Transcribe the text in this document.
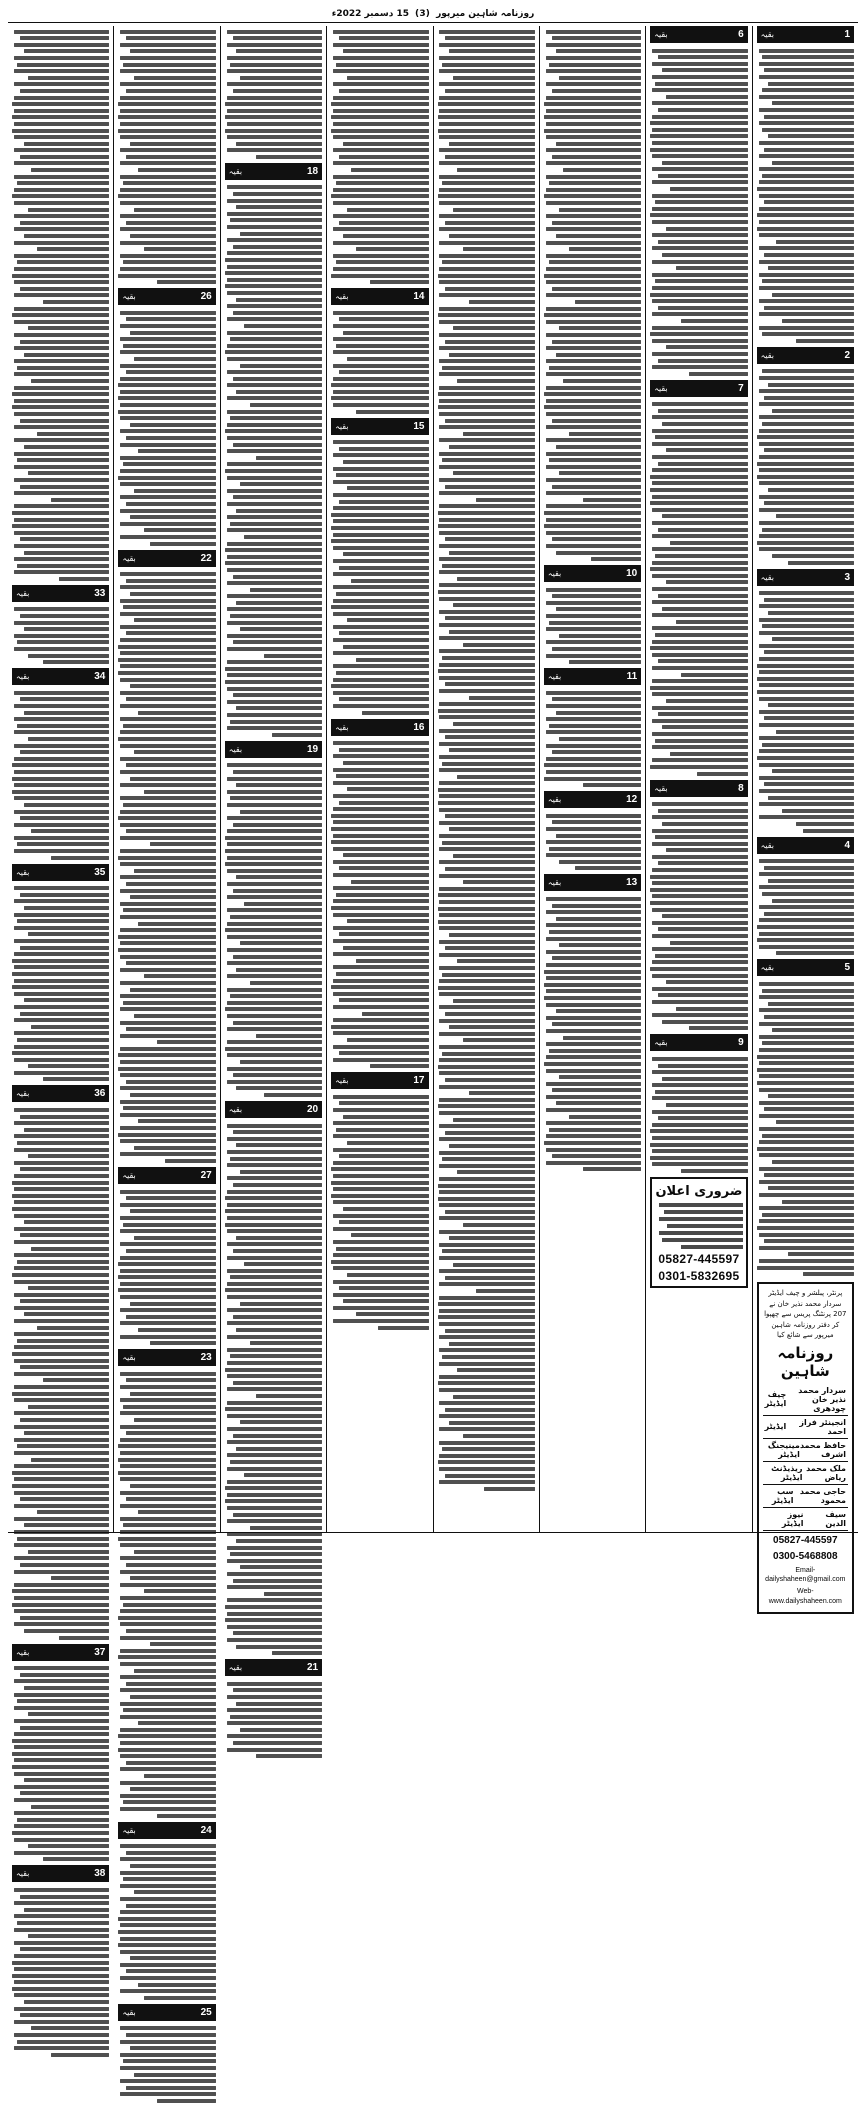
روزنامہ شاہین میرپور
(3)
15 دسمبر 2022ء
1
بقیہ
2
بقیہ
3
بقیہ
4
بقیہ
5
بقیہ
پرنٹر، پبلشر و چیف ایڈیٹر سردار محمد نذیر خان نے 207 پرنٹنگ پریس سے چھپوا کر دفتر روزنامہ شاہین میرپور سے شائع کیا
روزنامہ شاہین
سردار محمد نذیر خان چودھری
چیف ایڈیٹر
انجینئر فراز احمد
ایڈیٹر
حافظ محمد اشرف
مینیجنگ ایڈیٹر
ملک محمد ریاض
ریذیڈنٹ ایڈیٹر
حاجی محمد محمود
سب ایڈیٹر
سیف الدین
نیوز ایڈیٹر
05827-445597
0300-5468808
Email-dailyshaheen@gmail.com
Web-www.dailyshaheen.com
6
بقیہ
7
بقیہ
8
بقیہ
9
بقیہ
ضروری اعلان
05827-445597
0301-5832695
10
بقیہ
11
بقیہ
12
بقیہ
13
بقیہ
14
بقیہ
15
بقیہ
16
بقیہ
17
بقیہ
18
بقیہ
19
بقیہ
20
بقیہ
21
بقیہ
26
بقیہ
22
بقیہ
27
بقیہ
23
بقیہ
24
بقیہ
25
بقیہ
33
بقیہ
34
بقیہ
35
بقیہ
36
بقیہ
37
بقیہ
38
بقیہ
